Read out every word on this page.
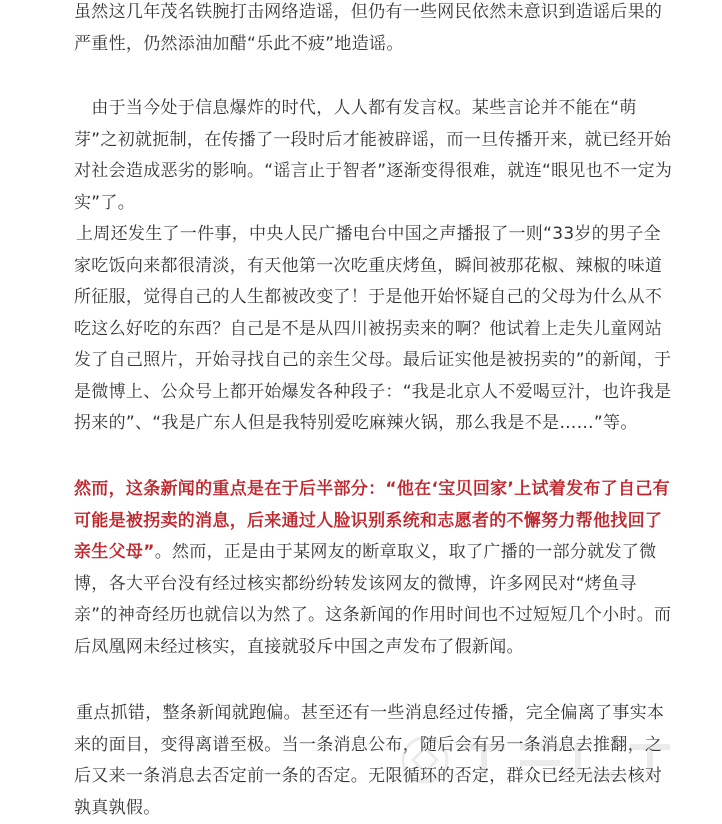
虽然这几年茂名铁腕打击网络造谣，但仍有一些网民依然未意识到造谣后果的严重性，仍然添油加醋“乐此不疲”地造谣。

 由于当今处于信息爆炸的时代，人人都有发言权。某些言论并不能在“萌芽”之初就扼制，在传播了一段时后才能被辟谣，而一旦传播开来，就已经开始对社会造成恶劣的影响。“谣言止于智者”逐渐变得很难，就连“眼见也不一定为实”了。

 上周还发生了一件事，中央人民广播电台中国之声播报了一则“33岁的男子全家吃饭向来都很清淡，有天他第一次吃重庆烤鱼，瞬间被那花椒、辣椒的味道所征服，觉得自己的人生都被改变了！于是他开始怀疑自己的父母为什么从不吃这么好吃的东西？自己是不是从四川被拐卖来的啊？他试着上走失儿童网站发了自己照片，开始寻找自己的亲生父母。最后证实他是被拐卖的”的新闻，于是微博上、公众号上都开始爆发各种段子：“我是北京人不爱喝豆汁，也许我是拐来的”、“我是广东人但是我特别爱吃麻辣火锅，那么我是不是……”等。

然而，这条新闻的重点是在于后半部分：“他在‘宝贝回家’上试着发布了自己有可能是被拐卖的消息，后来通过人脸识别系统和志愿者的不懈努力帮他找回了亲生父母”。然而，正是由于某网友的断章取义，取了广播的一部分就发了微博，各大平台没有经过核实都纷纷转发该网友的微博，许多网民对“烤鱼寻亲”的神奇经历也就信以为然了。这条新闻的作用时间也不过短短几个小时。而后凤凰网未经过核实，直接就驳斥中国之声发布了假新闻。

 重点抓错，整条新闻就跑偏。甚至还有一些消息经过传播，完全偏离了事实本来的面目，变得离谱至极。当一条消息公布，随后会有另一条消息去推翻，之后又来一条消息去否定前一条的否定。无限循环的否定，群众已经无法去核对孰真孰假。
